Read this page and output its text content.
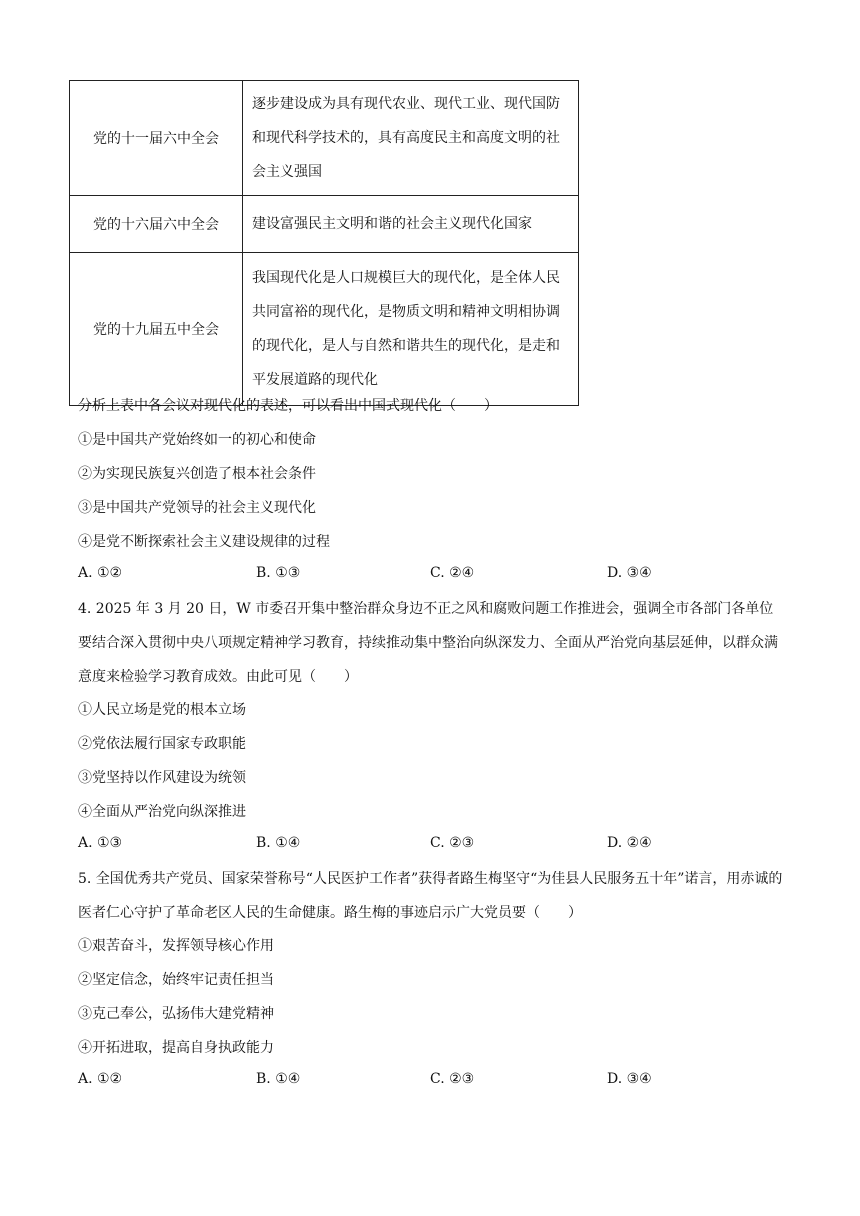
党的十一届六中全会	逐步建设成为具有现代农业、现代工业、现代国防和现代科学技术的，具有高度民主和高度文明的社会主义强国
党的十六届六中全会	建设富强民主文明和谐的社会主义现代化国家
党的十九届五中全会	我国现代化是人口规模巨大的现代化，是全体人民共同富裕的现代化，是物质文明和精神文明相协调的现代化，是人与自然和谐共生的现代化，是走和平发展道路的现代化
分析上表中各会议对现代化的表述，可以看出中国式现代化（　　）
①是中国共产党始终如一的初心和使命
②为实现民族复兴创造了根本社会条件
③是中国共产党领导的社会主义现代化
④是党不断探索社会主义建设规律的过程
A. ①②	B. ①③	C. ②④	D. ③④
4. 2025 年 3 月 20 日，W 市委召开集中整治群众身边不正之风和腐败问题工作推进会，强调全市各部门各单位要结合深入贯彻中央八项规定精神学习教育，持续推动集中整治向纵深发力、全面从严治党向基层延伸，以群众满意度来检验学习教育成效。由此可见（　　）
①人民立场是党的根本立场
②党依法履行国家专政职能
③党坚持以作风建设为统领
④全面从严治党向纵深推进
A. ①③	B. ①④	C. ②③	D. ②④
5. 全国优秀共产党员、国家荣誉称号“人民医护工作者”获得者路生梅坚守“为佳县人民服务五十年”诺言，用赤诚的医者仁心守护了革命老区人民的生命健康。路生梅的事迹启示广大党员要（　　）
①艰苦奋斗，发挥领导核心作用
②坚定信念，始终牢记责任担当
③克己奉公，弘扬伟大建党精神
④开拓进取，提高自身执政能力
A. ①②	B. ①④	C. ②③	D. ③④
